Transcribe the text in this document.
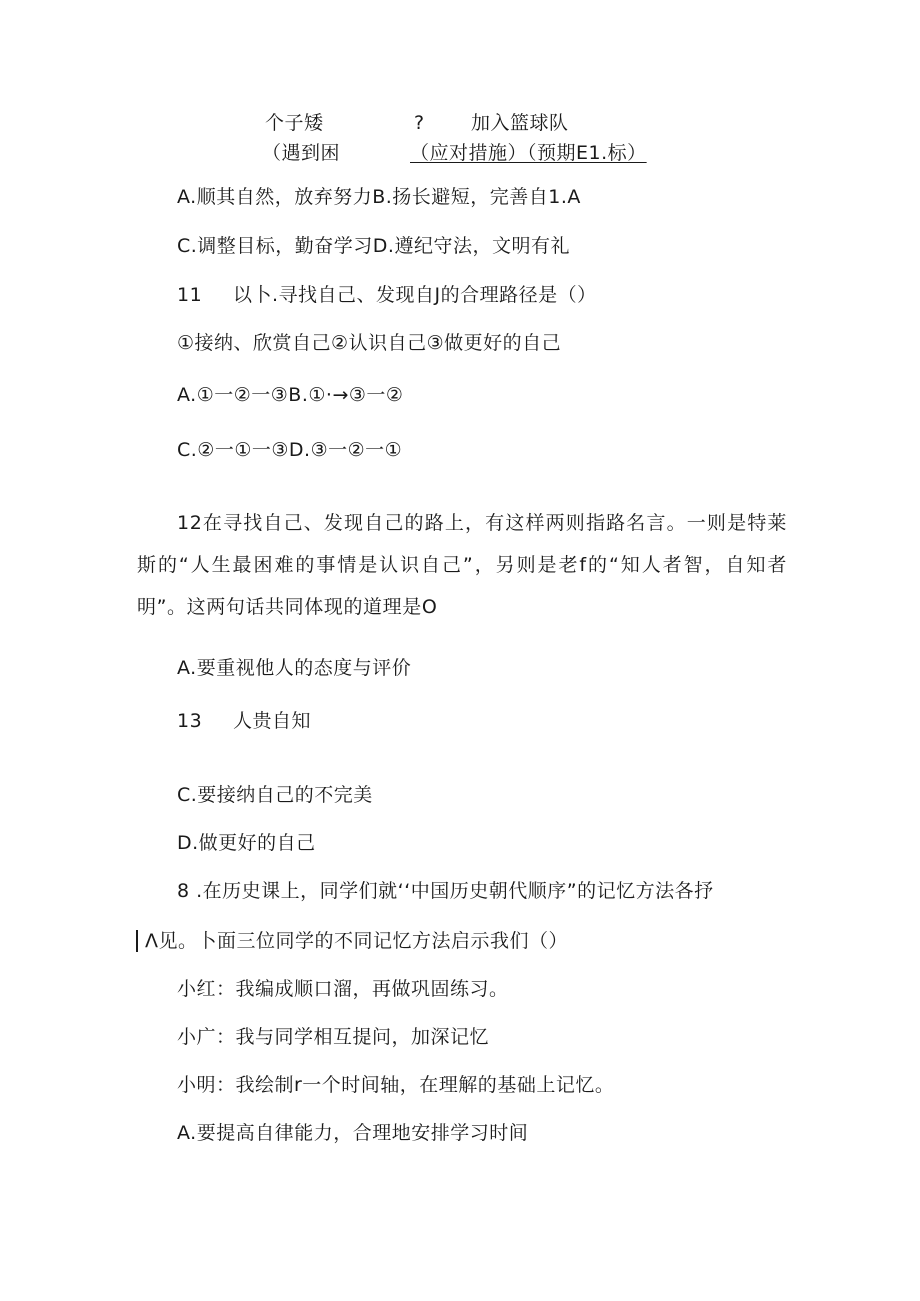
个子矮	? 加入篮球队
（遇到困	（应对措施）（预期E1.标）
A.顺其自然，放弃努力B.扬长避短，完善自1.A
C.调整目标，勤奋学习D.遵纪守法，文明有礼
11 以卜.寻找自己、发现自J的合理路径是（）
①接纳、欣赏自己②认识自己③做更好的自己
A.①一②一③B.①·→③一②
C.②一①一③D.③一②一①
12在寻找自己、发现自己的路上，有这样两则指路名言。一则是特莱斯的“人生最困难的事情是认识自己”，另则是老f的“知人者智，自知者明”。这两句话共同体现的道理是O
A.要重视他人的态度与评价
13 人贵自知
C.要接纳自己的不完美
D.做更好的自己
8 .在历史课上，同学们就‘‘中国历史朝代顺序”的记忆方法各抒
Λ见。卜面三位同学的不同记忆方法启示我们（）
小红：我编成顺口溜，再做巩固练习。
小广：我与同学相互提问，加深记忆
小明：我绘制r一个时间轴，在理解的基础上记忆。
A.要提高自律能力，合理地安排学习时间
